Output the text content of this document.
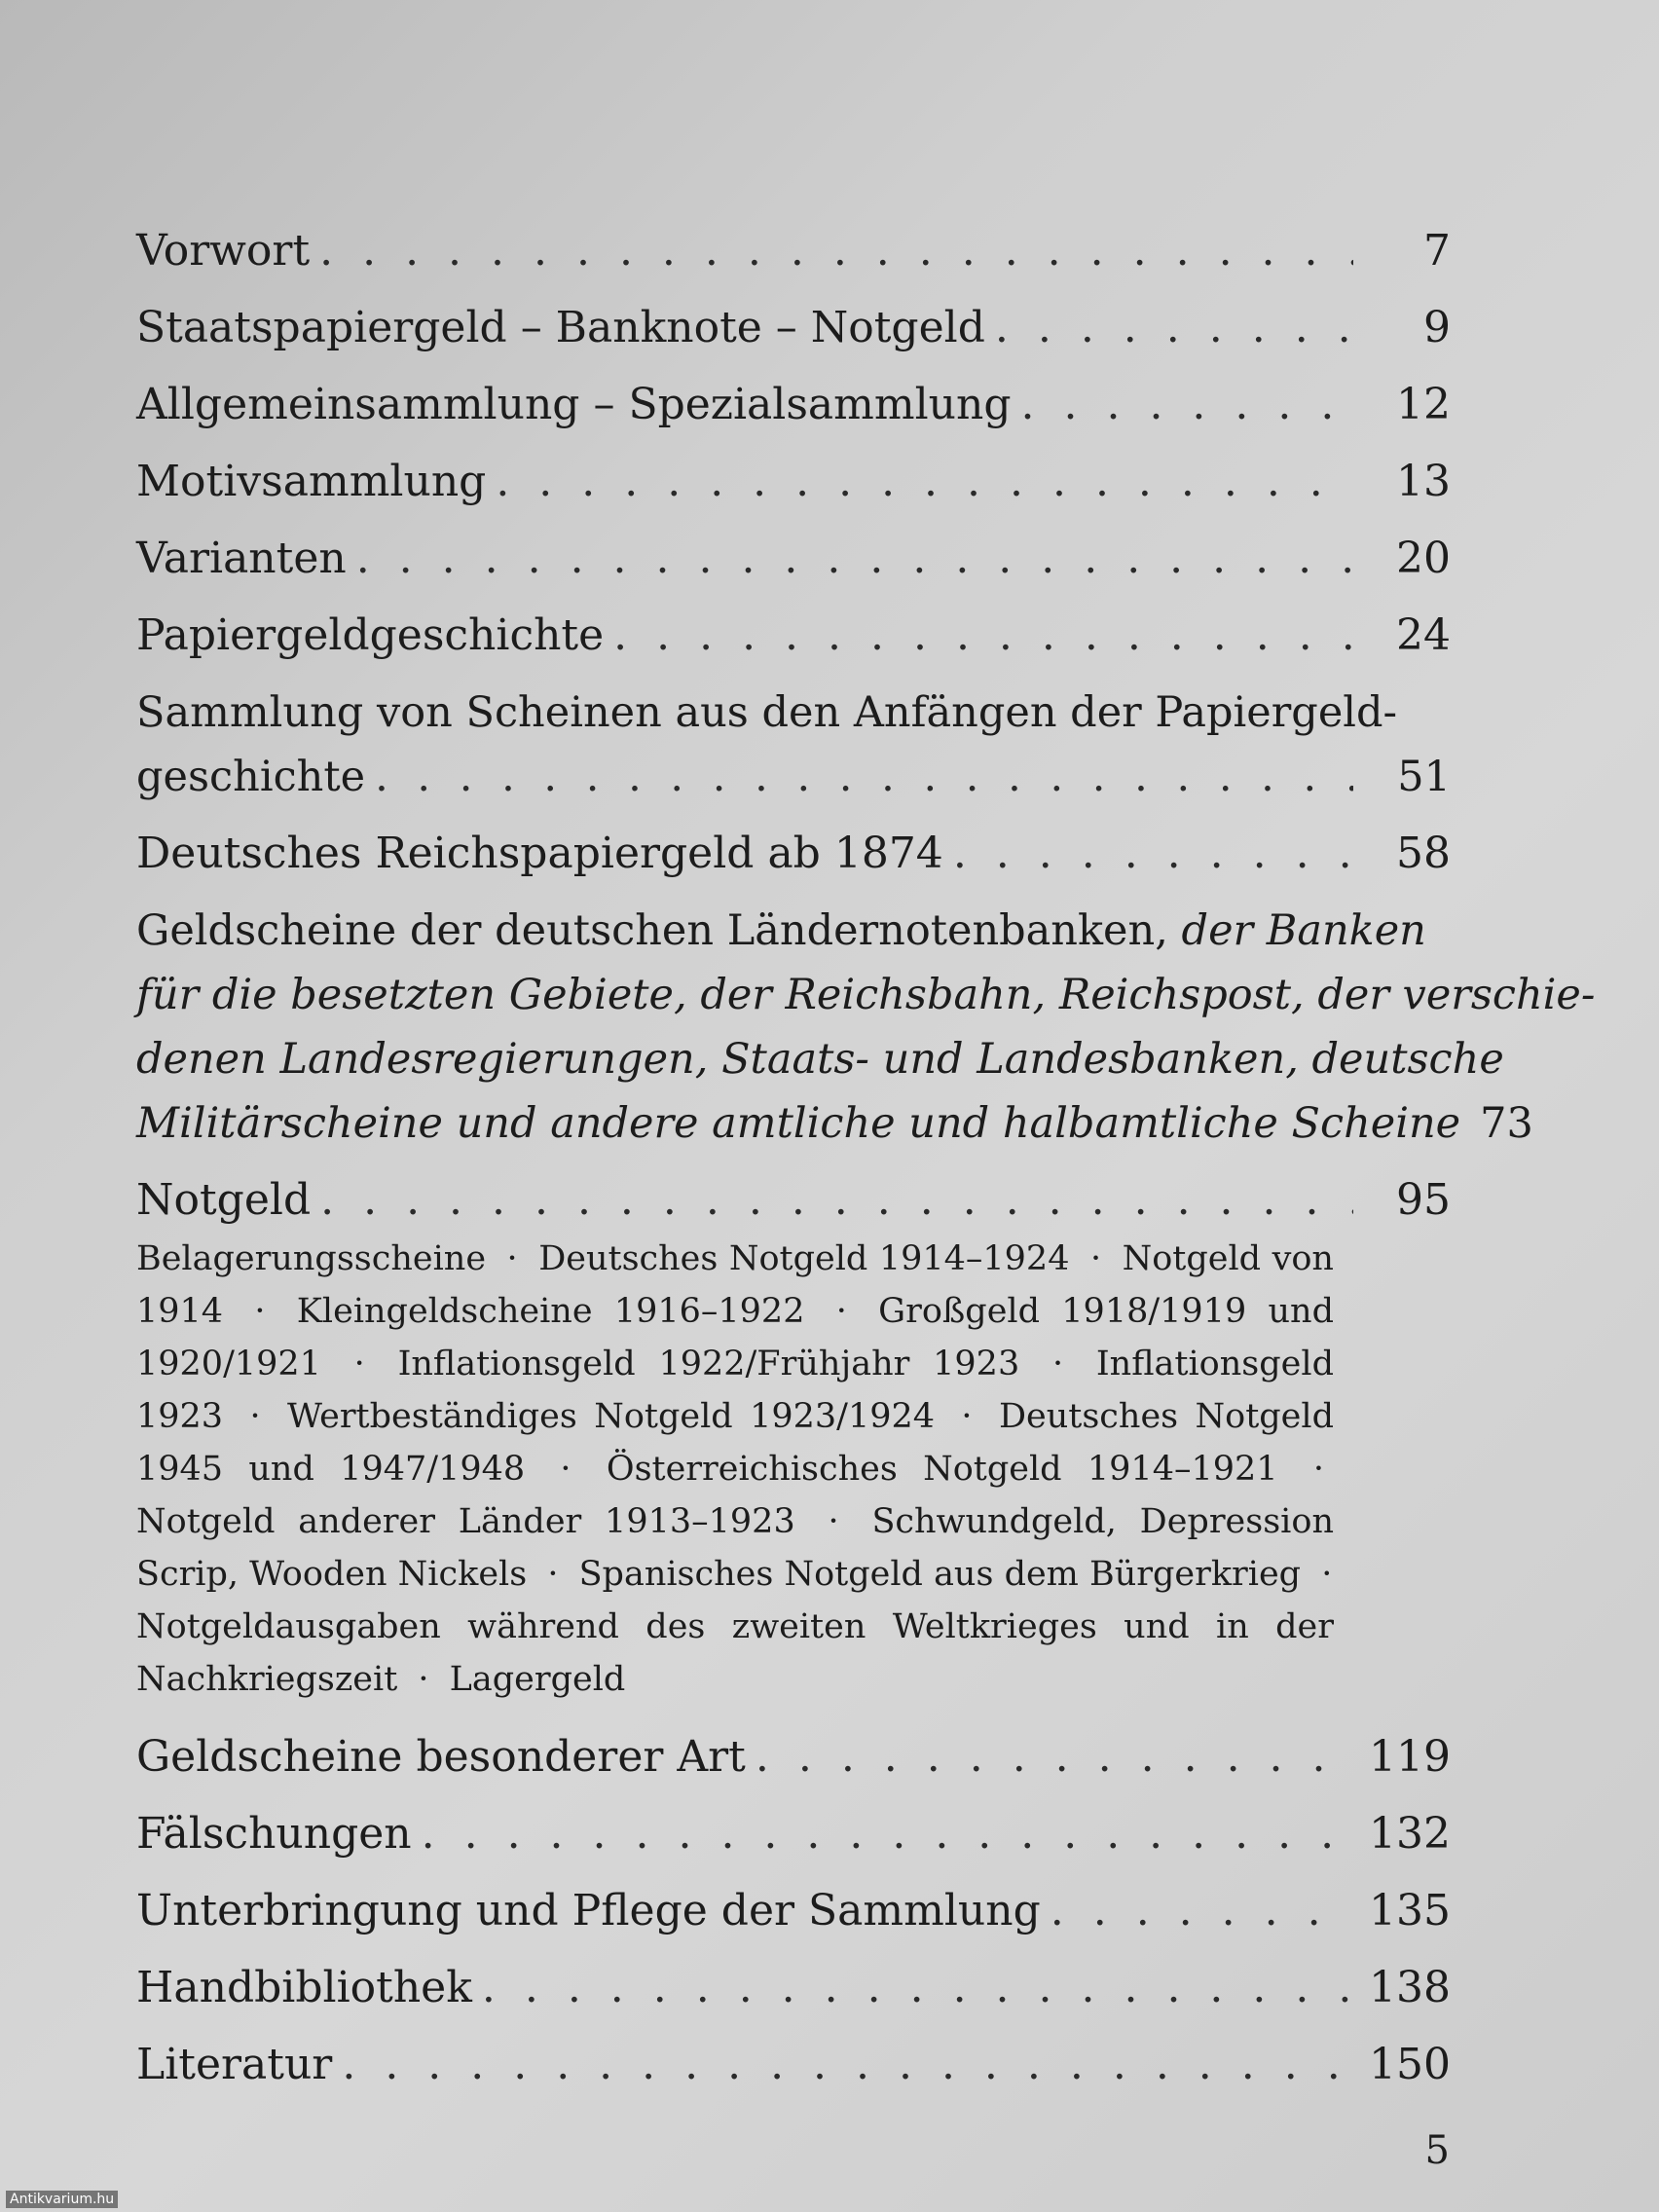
Vorwort . . .	7
Staatspapiergeld – Banknote – Notgeld . . .	9
Allgemeinsammlung – Spezialsammlung . . .	12
Motivsammlung . . .	13
Varianten . . .	20
Papiergeldgeschichte . . .	24
Sammlung von Scheinen aus den Anfängen der Papiergeld-
geschichte . . .	51
Deutsches Reichspapiergeld ab 1874 . . .	58
Geldscheine der deutschen Ländernotenbanken, der Banken
für die besetzten Gebiete, der Reichsbahn, Reichspost, der verschie-
denen Landesregierungen, Staats- und Landesbanken, deutsche
Militärscheine und andere amtliche und halbamtliche Scheine 73
Notgeld . . .	95
Belagerungsscheine · Deutsches Notgeld 1914–1924 · Notgeld von 1914 · Kleingeldscheine 1916–1922 · Großgeld 1918/1919 und 1920/1921 · Inflationsgeld 1922/Frühjahr 1923 · Inflationsgeld 1923 · Wertbeständiges Notgeld 1923/1924 · Deutsches Notgeld 1945 und 1947/1948 · Österreichisches Notgeld 1914–1921 · Notgeld anderer Länder 1913–1923 · Schwundgeld, Depression Scrip, Wooden Nickels · Spanisches Notgeld aus dem Bürgerkrieg · Notgeldausgaben während des zweiten Weltkrieges und in der Nachkriegszeit · Lagergeld
Geldscheine besonderer Art . . .	119
Fälschungen . . .	132
Unterbringung und Pflege der Sammlung . . .	135
Handbibliothek . . .	138
Literatur . . .	150
5
Antikvarium.hu
